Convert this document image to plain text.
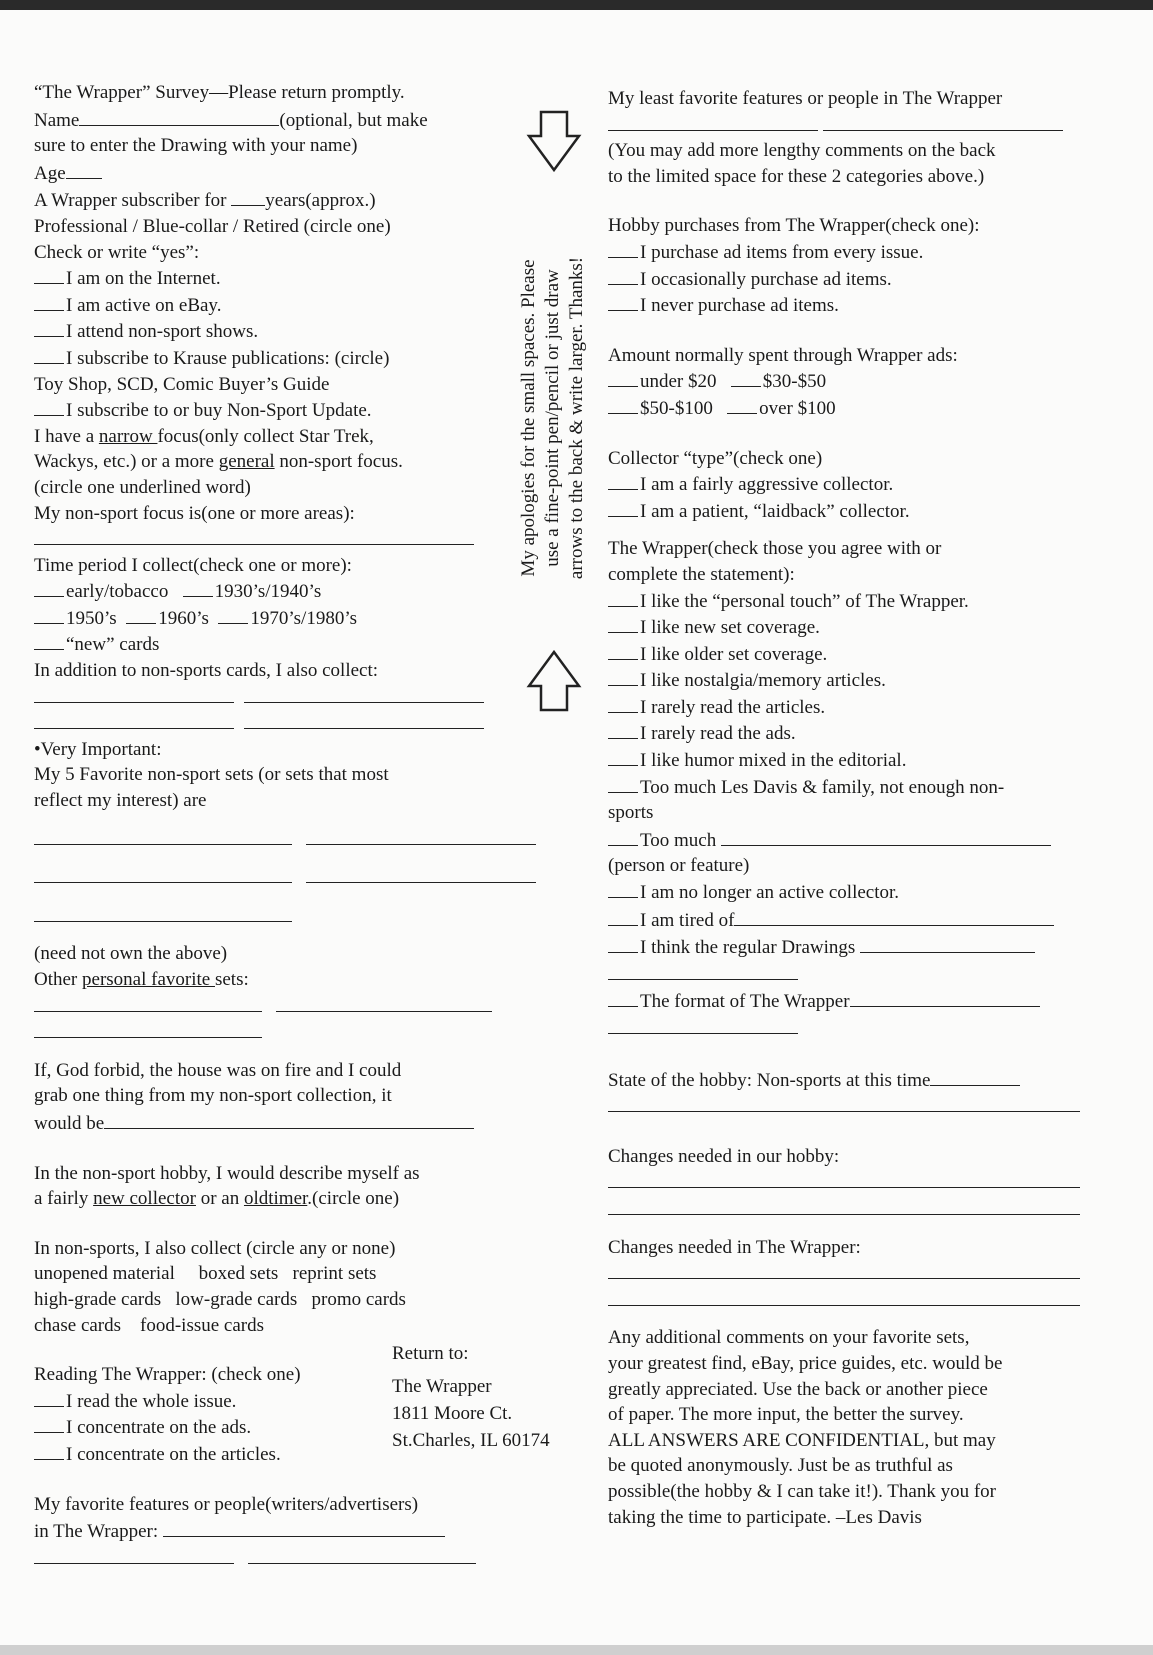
“The Wrapper” Survey—Please return promptly.
Name	(optional, but make
sure to enter the Drawing with your name)
Age
A Wrapper subscriber for years(approx.)
Professional / Blue-collar / Retired (circle one)
Check or write “yes”:
I am on the Internet.
I am active on eBay.
I attend non-sport shows.
I subscribe to Krause publications: (circle)
Toy Shop, SCD, Comic Buyer’s Guide
I subscribe to or buy Non-Sport Update.
I have a narrow focus(only collect Star Trek,
Wackys, etc.) or a more general non-sport focus.
(circle one underlined word)
My non-sport focus is(one or more areas):
Time period I collect(check one or more):
early/tobacco 1930’s/1940’s
1950’s 1960’s 1970’s/1980’s
“new” cards
In addition to non-sports cards, I also collect:

•Very Important:
My 5 Favorite non-sport sets (or sets that most
reflect my interest) are

(need not own the above)
Other personal favorite sets:

If, God forbid, the house was on fire and I could
grab one thing from my non-sport collection, it
would be
In the non-sport hobby, I would describe myself as
a fairly new collector or an oldtimer.(circle one)
In non-sports, I also collect (circle any or none)
unopened material boxed sets reprint sets
high-grade cards low-grade cards promo cards
chase cards food-issue cards
Reading The Wrapper: (check one)
I read the whole issue.
I concentrate on the ads.
I concentrate on the articles.
My favorite features or people(writers/advertisers)
in The Wrapper:

Return to:
The Wrapper
1811 Moore Ct.
St.Charles, IL 60174
My apologies for the small spaces. Please use a fine-point pen/pencil or just draw arrows to the back & write larger. Thanks!
My least favorite features or people in The Wrapper

(You may add more lengthy comments on the back
to the limited space for these 2 categories above.)
Hobby purchases from The Wrapper(check one):
I purchase ad items from every issue.
I occasionally purchase ad items.
I never purchase ad items.
Amount normally spent through Wrapper ads:
under $20 $30-$50
$50-$100 over $100
Collector “type”(check one)
I am a fairly aggressive collector.
I am a patient, “laidback” collector.
The Wrapper(check those you agree with or
complete the statement):
I like the “personal touch” of The Wrapper.
I like new set coverage.
I like older set coverage.
I like nostalgia/memory articles.
I rarely read the articles.
I rarely read the ads.
I like humor mixed in the editorial.
Too much Les Davis & family, not enough non-
sports
Too much
(person or feature)
I am no longer an active collector.
I am tired of
I think the regular Drawings
The format of The Wrapper
State of the hobby: Non-sports at this time
Changes needed in our hobby:
Changes needed in The Wrapper:
Any additional comments on your favorite sets,
your greatest find, eBay, price guides, etc. would be
greatly appreciated. Use the back or another piece
of paper. The more input, the better the survey.
ALL ANSWERS ARE CONFIDENTIAL, but may
be quoted anonymously. Just be as truthful as
possible(the hobby & I can take it!). Thank you for
taking the time to participate. –Les Davis
